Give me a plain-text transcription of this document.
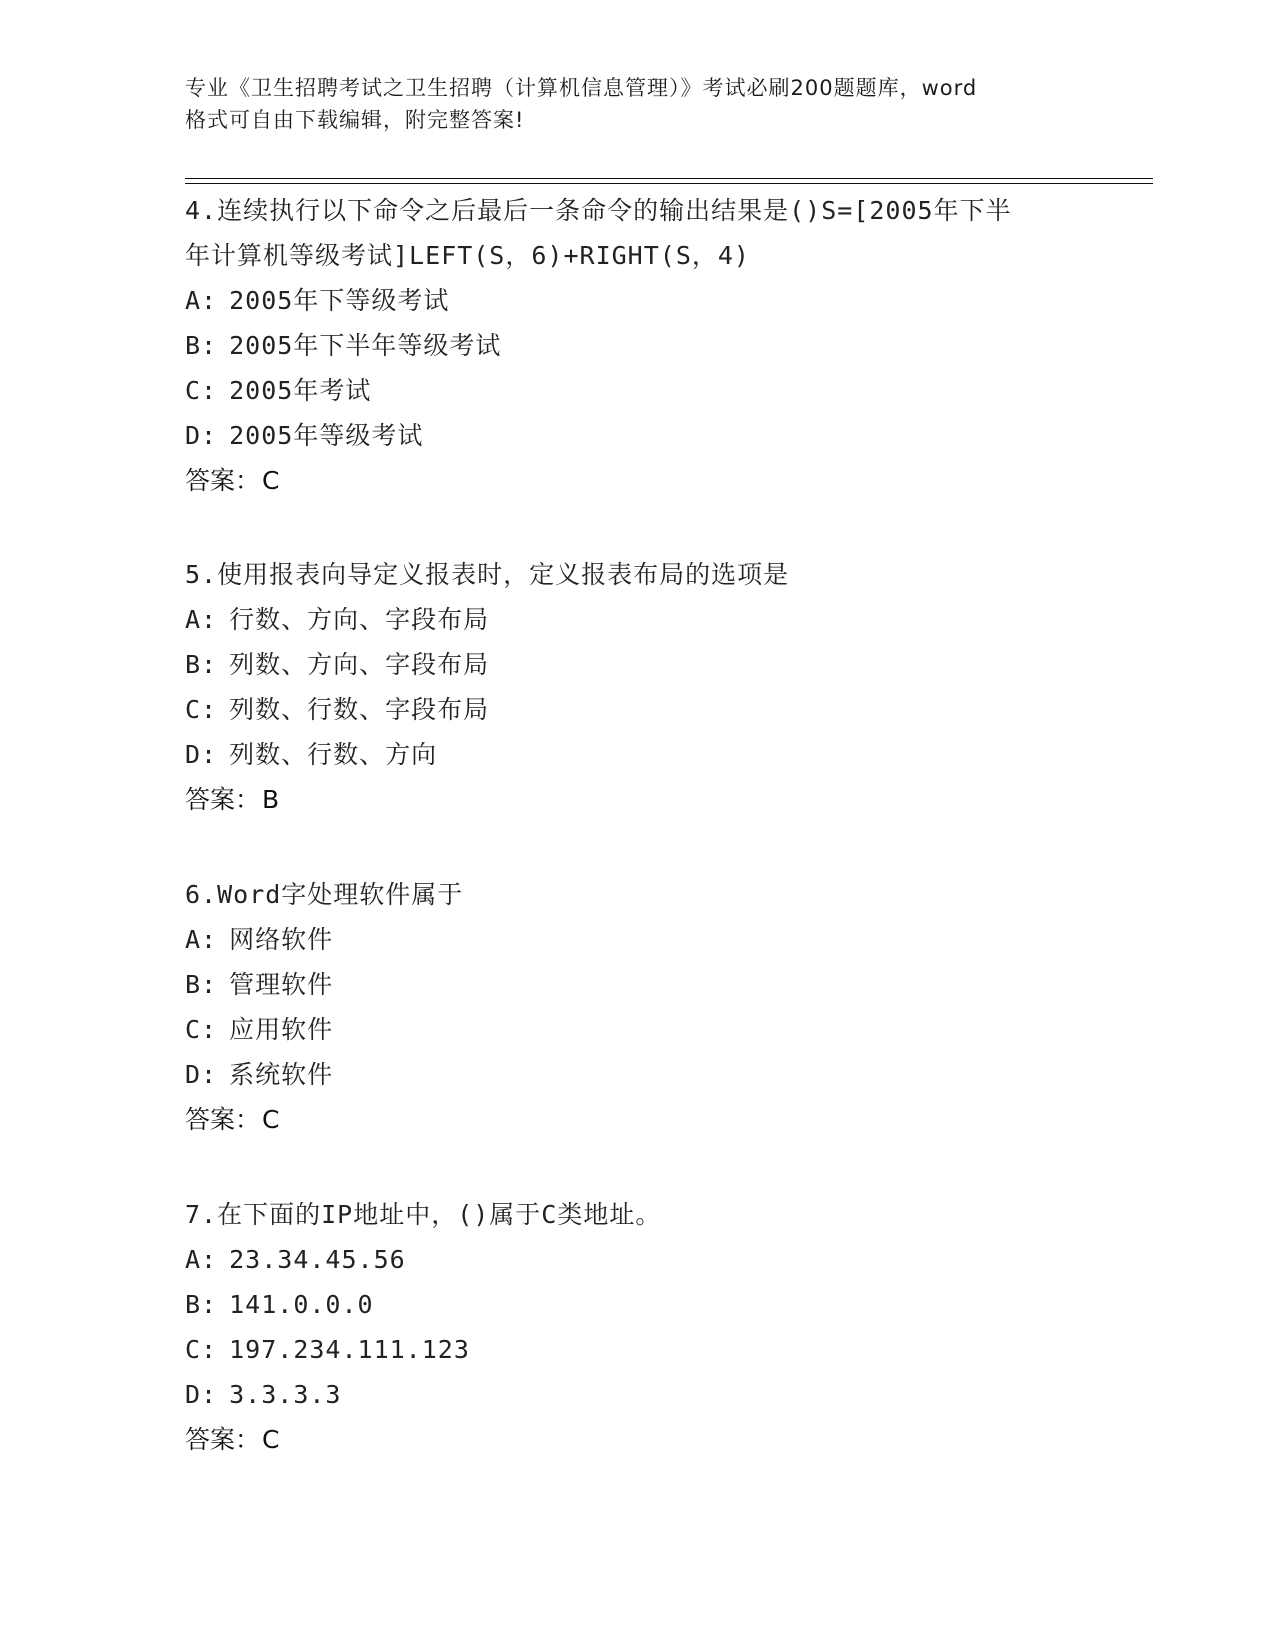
专业《卫生招聘考试之卫生招聘（计算机信息管理）》考试必刷200题题库，word
格式可自由下载编辑，附完整答案!
4.连续执行以下命令之后最后一条命令的输出结果是()S=[2005年下半
年计算机等级考试]LEFT(S，6)+RIGHT(S，4)
A: 2005年下等级考试
B: 2005年下半年等级考试
C: 2005年考试
D: 2005年等级考试
答案：C
5.使用报表向导定义报表时，定义报表布局的选项是
A: 行数、方向、字段布局
B: 列数、方向、字段布局
C: 列数、行数、字段布局
D: 列数、行数、方向
答案：B
6.Word字处理软件属于
A: 网络软件
B: 管理软件
C: 应用软件
D: 系统软件
答案：C
7.在下面的IP地址中，()属于C类地址。
A: 23.34.45.56
B: 141.0.0.0
C: 197.234.111.123
D: 3.3.3.3
答案：C
